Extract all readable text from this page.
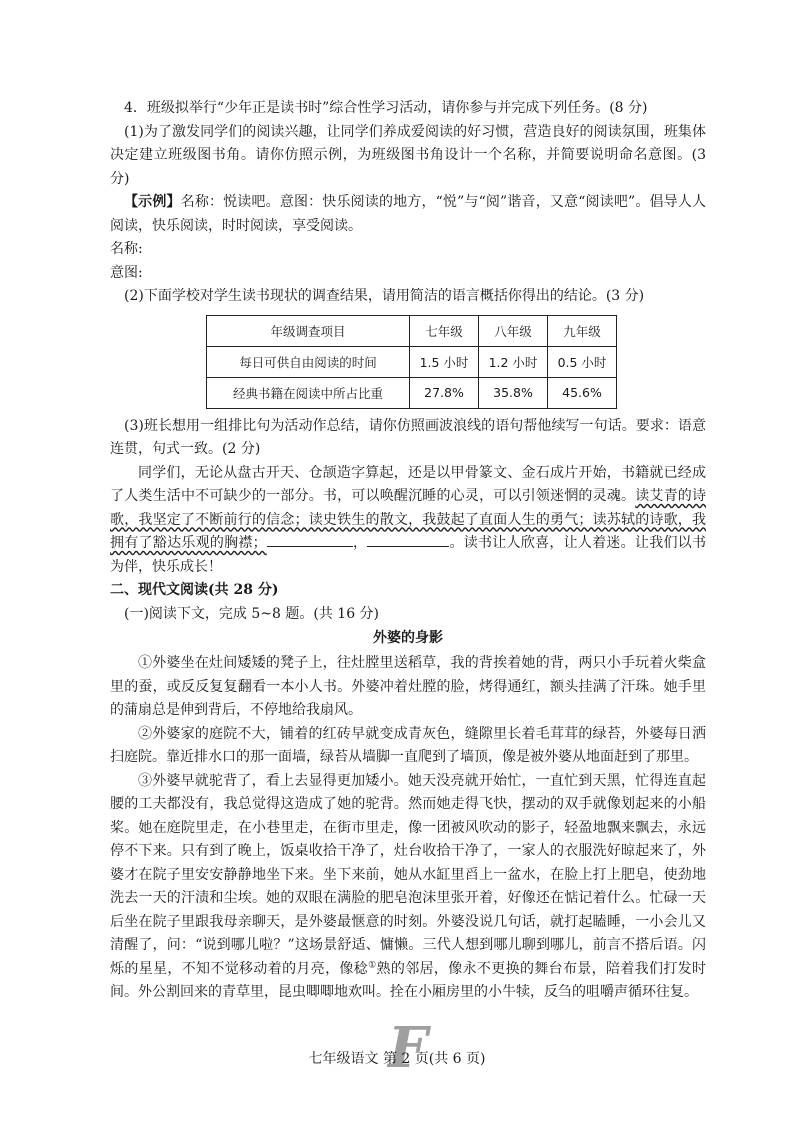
4．班级拟举行“少年正是读书时”综合性学习活动，请你参与并完成下列任务。(8 分)

(1)为了激发同学们的阅读兴趣，让同学们养成爱阅读的好习惯，营造良好的阅读氛围，班集体决定建立班级图书角。请你仿照示例，为班级图书角设计一个名称，并简要说明命名意图。(3 分)

【示例】名称：悦读吧。意图：快乐阅读的地方，“悦”与“阅”谐音，又意“阅读吧”。倡导人人阅读，快乐阅读，时时阅读，享受阅读。

名称:

意图:

(2)下面学校对学生读书现状的调查结果，请用简洁的语言概括你得出的结论。(3 分)

年级调查项目	七年级	八年级	九年级
每日可供自由阅读的时间	1.5 小时	1.2 小时	0.5 小时
经典书籍在阅读中所占比重	27.8%	35.8%	45.6%

(3)班长想用一组排比句为活动作总结，请你仿照画波浪线的语句帮他续写一句话。要求：语意连贯，句式一致。(2 分)

同学们，无论从盘古开天、仓颉造字算起，还是以甲骨篆文、金石成片开始，书籍就已经成了人类生活中不可缺少的一部分。书，可以唤醒沉睡的心灵，可以引领迷惘的灵魂。读艾青的诗歌，我坚定了不断前行的信念；读史铁生的散文，我鼓起了直面人生的勇气；读苏轼的诗歌，我拥有了豁达乐观的胸襟；	，	。读书让人欣喜，让人着迷。让我们以书为伴，快乐成长！

二、现代文阅读(共 28 分)

(一)阅读下文，完成 5~8 题。(共 16 分)

外婆的身影

①外婆坐在灶间矮矮的凳子上，往灶膛里送稻草，我的背挨着她的背，两只小手玩着火柴盒里的蚕，或反反复复翻看一本小人书。外婆冲着灶膛的脸，烤得通红，额头挂满了汗珠。她手里的蒲扇总是伸到背后，不停地给我扇风。

②外婆家的庭院不大，铺着的红砖早就变成青灰色，缝隙里长着毛茸茸的绿苔，外婆每日洒扫庭院。靠近排水口的那一面墙，绿苔从墙脚一直爬到了墙顶，像是被外婆从地面赶到了那里。

③外婆早就驼背了，看上去显得更加矮小。她天没亮就开始忙，一直忙到天黑，忙得连直起腰的工夫都没有，我总觉得这造成了她的驼背。然而她走得飞快，摆动的双手就像划起来的小船桨。她在庭院里走，在小巷里走，在街市里走，像一团被风吹动的影子，轻盈地飘来飘去，永远停不下来。只有到了晚上，饭桌收拾干净了，灶台收拾干净了，一家人的衣服洗好晾起来了，外婆才在院子里安安静静地坐下来。坐下来前，她从水缸里舀上一盆水，在脸上打上肥皂，使劲地洗去一天的汗渍和尘埃。她的双眼在满脸的肥皂泡沫里张开着，好像还在惦记着什么。忙碌一天后坐在院子里跟我母亲聊天，是外婆最惬意的时刻。外婆没说几句话，就打起瞌睡，一小会儿又清醒了，问：“说到哪儿啦？”这场景舒适、慵懒。三代人想到哪儿聊到哪儿，前言不搭后语。闪烁的星星，不知不觉移动着的月亮，像稔①熟的邻居，像永不更换的舞台布景，陪着我们打发时间。外公割回来的青草里，昆虫唧唧地欢叫。拴在小厢房里的小牛犊，反刍的咀嚼声循环往复。

F
七年级语文 第 2 页(共 6 页)
